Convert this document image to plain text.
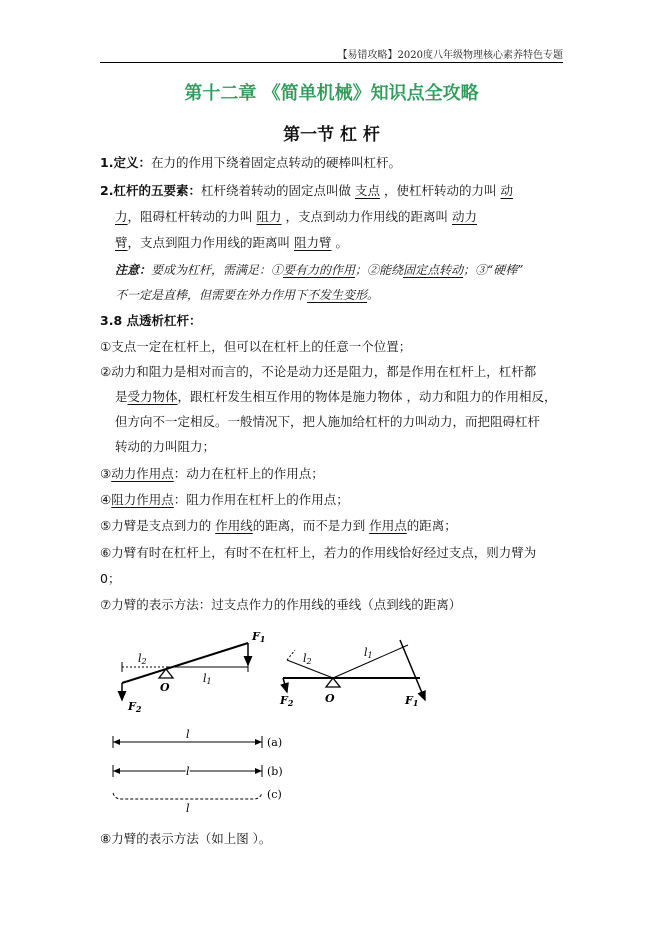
【易错攻略】2020度八年级物理核心素养特色专题
第十二章 《简单机械》知识点全攻略
第一节 杠 杆
1.定义：在力的作用下绕着固定点转动的硬棒叫杠杆。
2.杠杆的五要素：杠杆绕着转动的固定点叫做 支点 ，使杠杆转动的力叫 动
力，阻碍杠杆转动的力叫 阻力 ，支点到动力作用线的距离叫 动力
臂，支点到阻力作用线的距离叫 阻力臂 。
注意：要成为杠杆，需满足：①要有力的作用；②能绕固定点转动；③“硬棒”
不一定是直棒，但需要在外力作用下不发生变形。
3.8 点透析杠杆：
①支点一定在杠杆上，但可以在杠杆上的任意一个位置；
②动力和阻力是相对而言的，不论是动力还是阻力，都是作用在杠杆上，杠杆都
是受力物体，跟杠杆发生相互作用的物体是施力物体 ，动力和阻力的作用相反，
但方向不一定相反。一般情况下，把人施加给杠杆的力叫动力，而把阻碍杠杆
转动的力叫阻力；
③动力作用点：动力在杠杆上的作用点；
④阻力作用点：阻力作用在杠杆上的作用点；
⑤力臂是支点到力的 作用线的距离，而不是力到 作用点的距离；
⑥力臂有时在杠杆上，有时不在杠杆上，若力的作用线恰好经过支点，则力臂为
0；
⑦力臂的表示方法：过支点作力的作用线的垂线（点到线的距离）
l2
l1
O
F1
F2
l2
l1
O	F1
F2
l
(a)
l	(b)
l
(c)
⑧力臂的表示方法（如上图 ）。
